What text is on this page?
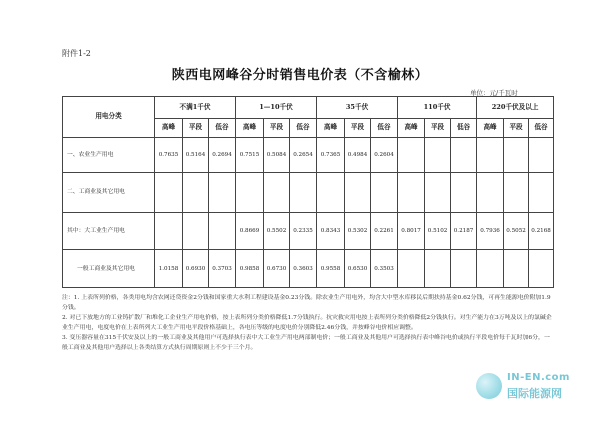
附件1-2
陕西电网峰谷分时销售电价表（不含榆林）
单位：元/千瓦时
用电分类	不满1千伏			1—10千伏			35千伏			110千伏			220千伏及以上		
	高峰	平段	低谷	高峰	平段	低谷	高峰	平段	低谷	高峰	平段	低谷	高峰	平段	低谷
一、农业生产用电	0.7635	0.5164	0.2694	0.7515	0.5084	0.2654	0.7365	0.4984	0.2604						
二、工商业及其它用电															
其中：大工业生产用电				0.8669	0.5502	0.2335	0.8343	0.5302	0.2261	0.8017	0.5102	0.2187	0.7936	0.5052	0.2168
一般工商业及其它用电	1.0158	0.6930	0.3703	0.9858	0.6730	0.3603	0.9558	0.6530	0.3503						

注：1. 上表所列价格，各类用电均含农网还贷资金2分钱和国家重大水利工程建设基金0.23分钱。除农业生产用电外，均含大中型水库移民后期扶持基金0.62分钱，可再生能源电价附加1.9分钱。

2. 对已下放地方的工业铸扩散厂和堆化工企业生产用电价格，按上表所列分类价格降低1.7分钱执行。抗灾救灾用电按上表所列分类价格降低2分钱执行。对生产能力在3万吨及以上的氯碱企业生产用电，电度电价在上表所列大工业生产用电平段价格基础上，各电压等级的电度电价分别降低2.46分钱，并按峰谷电价相应调整。

3. 变压器容量在315千伏安及以上的一般工商业及其他用户可选择执行表中大工业生产用电两部制电价；一般工商业及其他用户可选择执行表中峰谷电价或执行平段电价每千瓦时加6分，一般工商业及其他用户选择以上各类结算方式执行周期原则上不少于三个月。

IN-EN.com
国际能源网
